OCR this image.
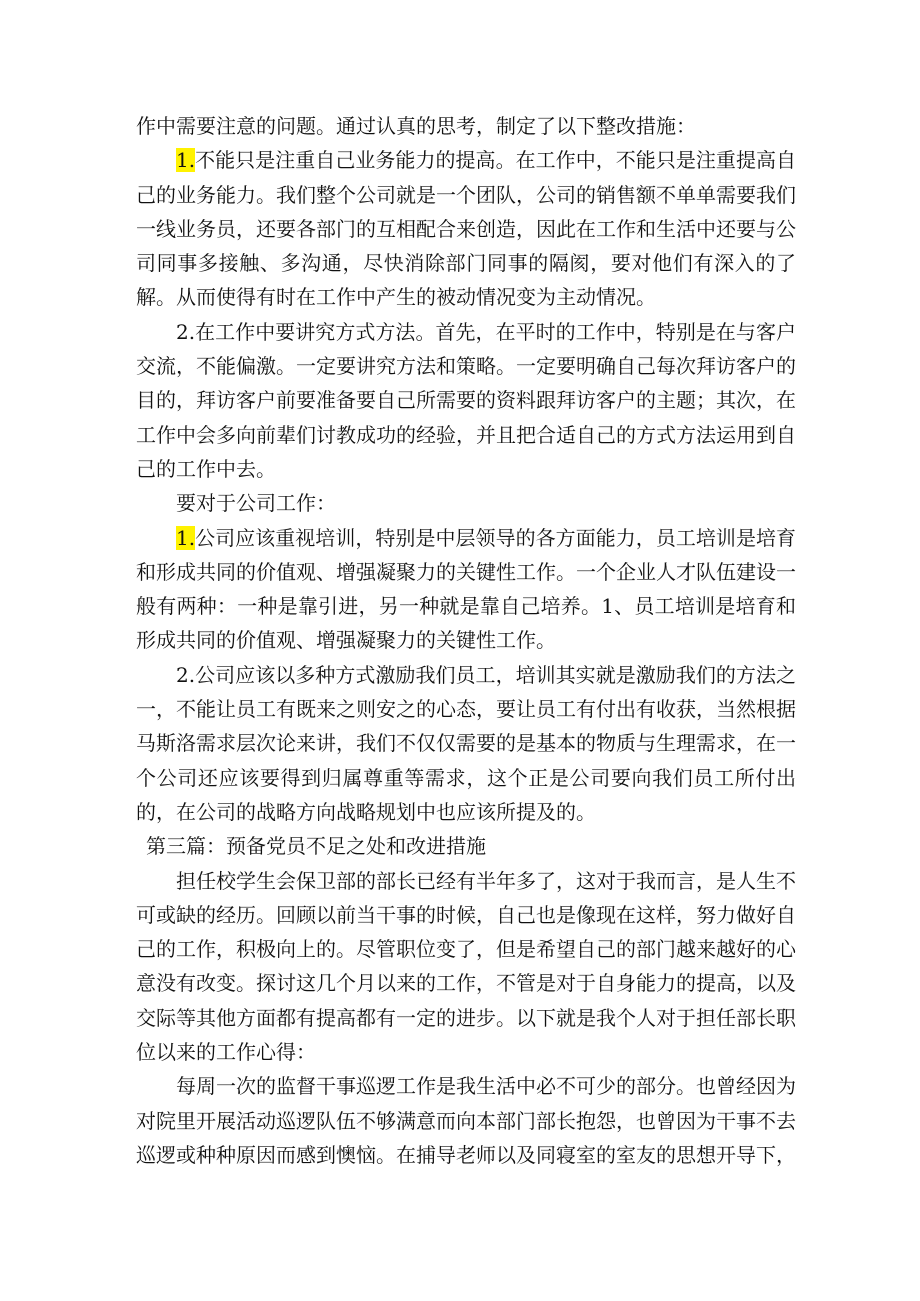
作中需要注意的问题。通过认真的思考，制定了以下整改措施：

1.不能只是注重自己业务能力的提高。在工作中，不能只是注重提高自己的业务能力。我们整个公司就是一个团队，公司的销售额不单单需要我们一线业务员，还要各部门的互相配合来创造，因此在工作和生活中还要与公司同事多接触、多沟通，尽快消除部门同事的隔阂，要对他们有深入的了解。从而使得有时在工作中产生的被动情况变为主动情况。

2.在工作中要讲究方式方法。首先，在平时的工作中，特别是在与客户交流，不能偏激。一定要讲究方法和策略。一定要明确自己每次拜访客户的目的，拜访客户前要准备要自己所需要的资料跟拜访客户的主题；其次，在工作中会多向前辈们讨教成功的经验，并且把合适自己的方式方法运用到自己的工作中去。

要对于公司工作：

1.公司应该重视培训，特别是中层领导的各方面能力，员工培训是培育和形成共同的价值观、增强凝聚力的关键性工作。一个企业人才队伍建设一般有两种：一种是靠引进，另一种就是靠自己培养。1、员工培训是培育和形成共同的价值观、增强凝聚力的关键性工作。

2.公司应该以多种方式激励我们员工，培训其实就是激励我们的方法之一，不能让员工有既来之则安之的心态，要让员工有付出有收获，当然根据马斯洛需求层次论来讲，我们不仅仅需要的是基本的物质与生理需求，在一个公司还应该要得到归属尊重等需求，这个正是公司要向我们员工所付出的，在公司的战略方向战略规划中也应该所提及的。

第三篇：预备党员不足之处和改进措施

担任校学生会保卫部的部长已经有半年多了，这对于我而言，是人生不可或缺的经历。回顾以前当干事的时候，自己也是像现在这样，努力做好自己的工作，积极向上的。尽管职位变了，但是希望自己的部门越来越好的心意没有改变。探讨这几个月以来的工作，不管是对于自身能力的提高，以及交际等其他方面都有提高都有一定的进步。以下就是我个人对于担任部长职位以来的工作心得：

每周一次的监督干事巡逻工作是我生活中必不可少的部分。也曾经因为对院里开展活动巡逻队伍不够满意而向本部门部长抱怨，也曾因为干事不去巡逻或种种原因而感到懊恼。在捕导老师以及同寝室的室友的思想开导下，
